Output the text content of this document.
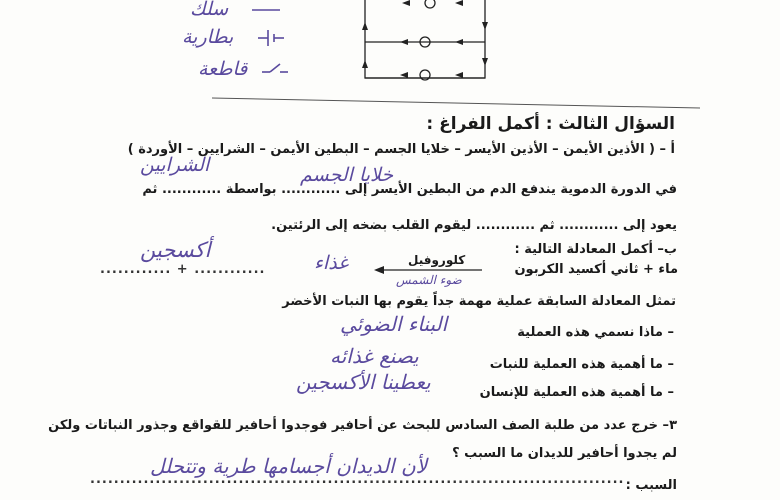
سلك
بطارية
قاطعة
السؤال الثالث : أكمل الفراغ :
أ – ( الأذين الأيمن – الأذين الأيسر – خلايا الجسم – البطين الأيمن – الشرايين – الأوردة )
في الدورة الدموية يندفع الدم من البطين الأيسر إلى ............ بواسطة ............ ثم
خلايا الجسم
الشرايين
يعود إلى ............ ثم ............ ليقوم القلب بضخه إلى الرئتين.
ب– أكمل المعادلة التالية :
أكسجين
غذاء
............ + ............
كلوروفيل
ضوء الشمس
ماء + ثاني أكسيد الكربون
تمثل المعادلة السابقة عملية مهمة جداً يقوم بها النبات الأخضر
– ماذا نسمي هذه العملية
البناء الضوئي
– ما أهمية هذه العملية للنبات
يصنع غذائه
– ما أهمية هذه العملية للإنسان
يعطينا الأكسجين
٣– خرج عدد من طلبة الصف السادس للبحث عن أحافير فوجدوا أحافير للقواقع وجذور النباتات ولكن
لم يجدوا أحافير للديدان ما السبب ؟
السبب :
لأن الديدان أجسامها طرية وتتحلل
..........................................................................................
